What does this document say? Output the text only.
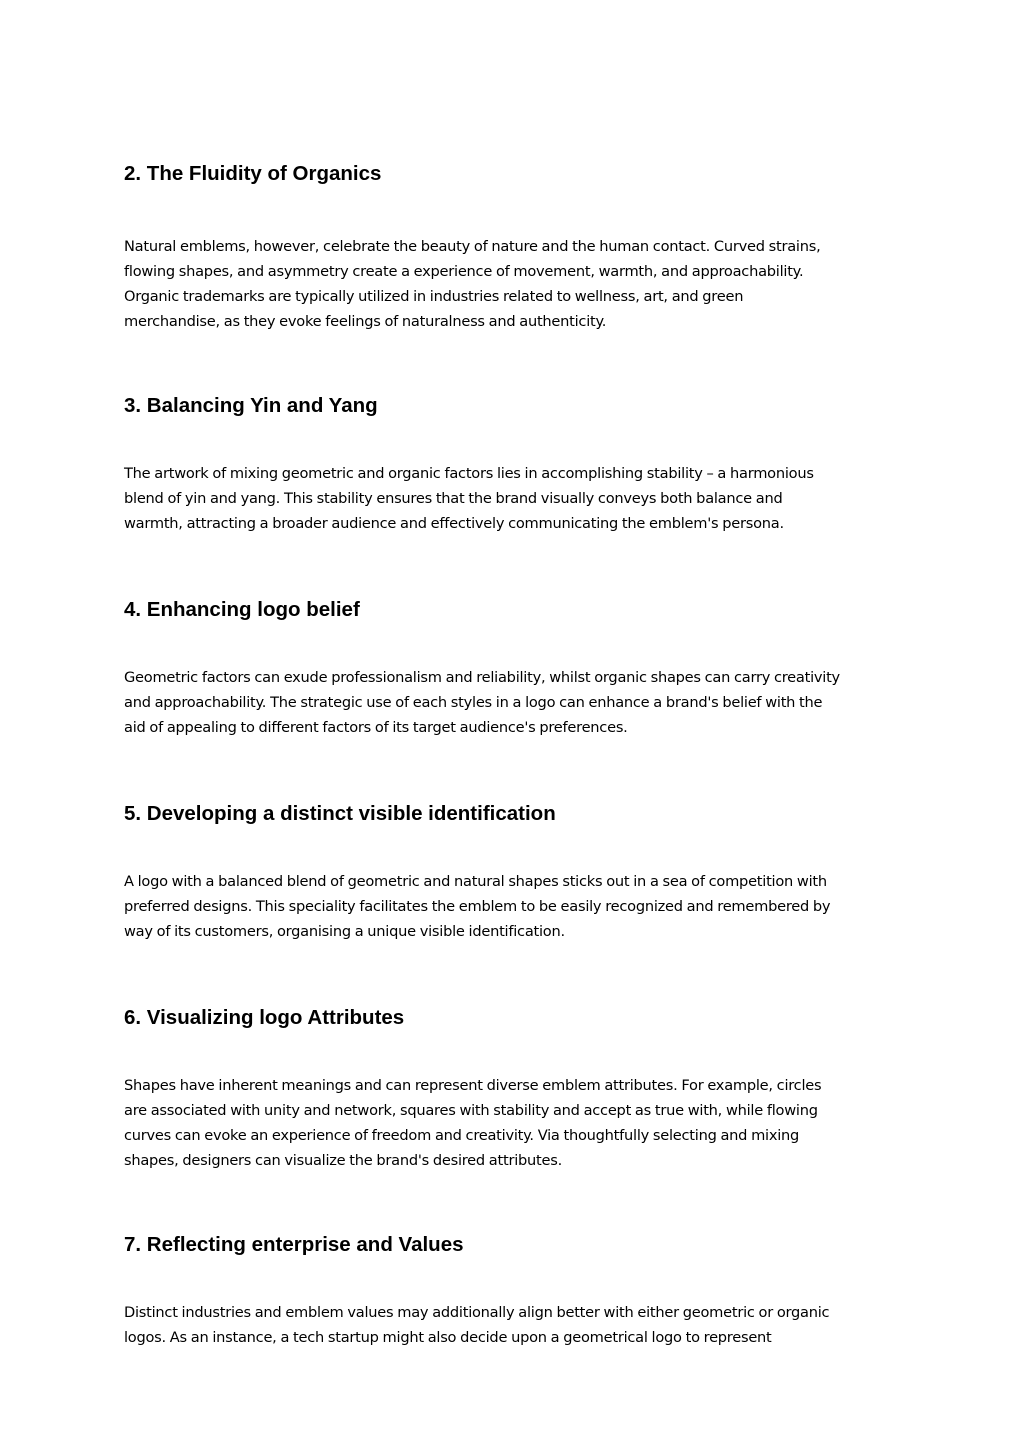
2. The Fluidity of Organics

Natural emblems, however, celebrate the beauty of nature and the human contact. Curved strains,
flowing shapes, and asymmetry create a experience of movement, warmth, and approachability.
Organic trademarks are typically utilized in industries related to wellness, art, and green
merchandise, as they evoke feelings of naturalness and authenticity.

3. Balancing Yin and Yang

The artwork of mixing geometric and organic factors lies in accomplishing stability – a harmonious
blend of yin and yang. This stability ensures that the brand visually conveys both balance and
warmth, attracting a broader audience and effectively communicating the emblem's persona.

4. Enhancing logo belief

Geometric factors can exude professionalism and reliability, whilst organic shapes can carry creativity
and approachability. The strategic use of each styles in a logo can enhance a brand's belief with the
aid of appealing to different factors of its target audience's preferences.

5. Developing a distinct visible identification

A logo with a balanced blend of geometric and natural shapes sticks out in a sea of competition with
preferred designs. This speciality facilitates the emblem to be easily recognized and remembered by
way of its customers, organising a unique visible identification.

6. Visualizing logo Attributes

Shapes have inherent meanings and can represent diverse emblem attributes. For example, circles
are associated with unity and network, squares with stability and accept as true with, while flowing
curves can evoke an experience of freedom and creativity. Via thoughtfully selecting and mixing
shapes, designers can visualize the brand's desired attributes.

7. Reflecting enterprise and Values

Distinct industries and emblem values may additionally align better with either geometric or organic
logos. As an instance, a tech startup might also decide upon a geometrical logo to represent
